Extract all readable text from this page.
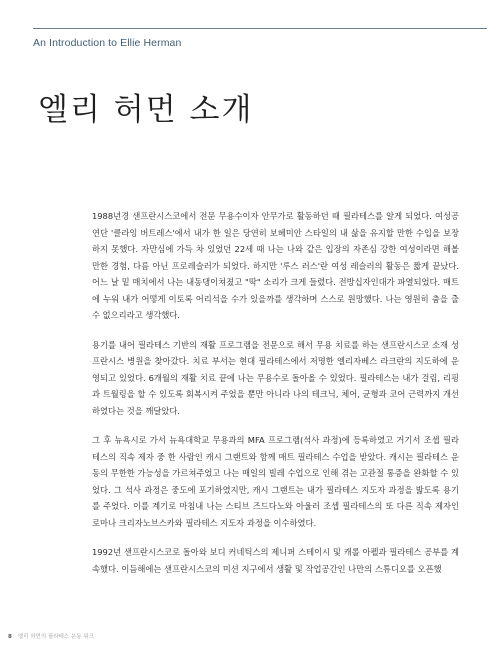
An Introduction to Ellie Herman
엘리 허먼 소개

1988년경 샌프란시스코에서 전문 무용수이자 안무가로 활동하던 때 필라테스를 알게 되었다. 여성공연단 '클라잉 버트레스'에서 내가 한 일은 당연히 보헤미안 스타일의 내 삶을 유지할 만한 수입을 보장하지 못했다. 자만심에 가득 차 있었던 22세 때 나는 나와 같은 입장의 자존심 강한 여성이라면 해볼 만한 경험, 다름 아닌 프로레슬러가 되었다. 하지만 '루스 러스'란 여성 레슬러의 활동은 짧게 끝났다. 어느 날 밑 매치에서 나는 내동댕이쳐졌고 "딱" 소리가 크게 들렸다. 전방십자인대가 파열되었다. 매트에 누워 내가 어떻게 이토록 어리석을 수가 있을까를 생각하며 스스로 원망했다. 나는 영원히 춤을 출 수 없으리라고 생각했다.

용기를 내어 필라테스 기반의 재활 프로그램을 전문으로 해서 무용 치료를 하는 샌프란시스코 소재 성프란시스 병원을 찾아갔다. 치료 부서는 현대 필라테스에서 저명한 엘리자베스 라크란의 지도하에 운영되고 있었다. 6개월의 재활 치료 끝에 나는 무용수로 돌아올 수 있었다. 필라테스는 내가 걸림, 리핑과 트월링을 할 수 있도록 회복시켜 주었을 뿐만 아니라 나의 테크닉, 체어, 균형과 코어 근력까지 개선하였다는 것을 깨달았다.

그 후 뉴욕시로 가서 뉴욕대학교 무용과의 MFA 프로그램(석사 과정)에 등록하였고 거기서 조셉 필라테스의 직속 제자 중 한 사람인 캐시 그랜트와 함께 매트 필라테스 수업을 받았다. 캐시는 필라테스 운동의 무한한 가능성을 가르쳐주었고 나는 매일의 빌레 수업으로 인해 겪는 고관절 통증을 완화할 수 있었다. 그 석사 과정은 중도에 포기하였지만, 캐시 그랜트는 내가 필라테스 지도자 과정을 밟도록 용기를 주었다. 이를 계기로 마침내 나는 스티브 즈드다노와 아울러 조셉 필라테스의 또 다른 직속 제자인 로마나 크리자노브스카와 필라테스 지도자 과정을 이수하였다.

1992년 샌프란시스코로 돌아와 보디 커네틱스의 제니퍼 스테이시 및 캐롤 아펠과 필라테스 공부를 계속했다. 이듬해에는 샌프란시스코의 미션 지구에서 생활 및 작업공간인 나만의 스튜디오를 오픈했

8 엘리 허먼의 필라테스 운동 워크
